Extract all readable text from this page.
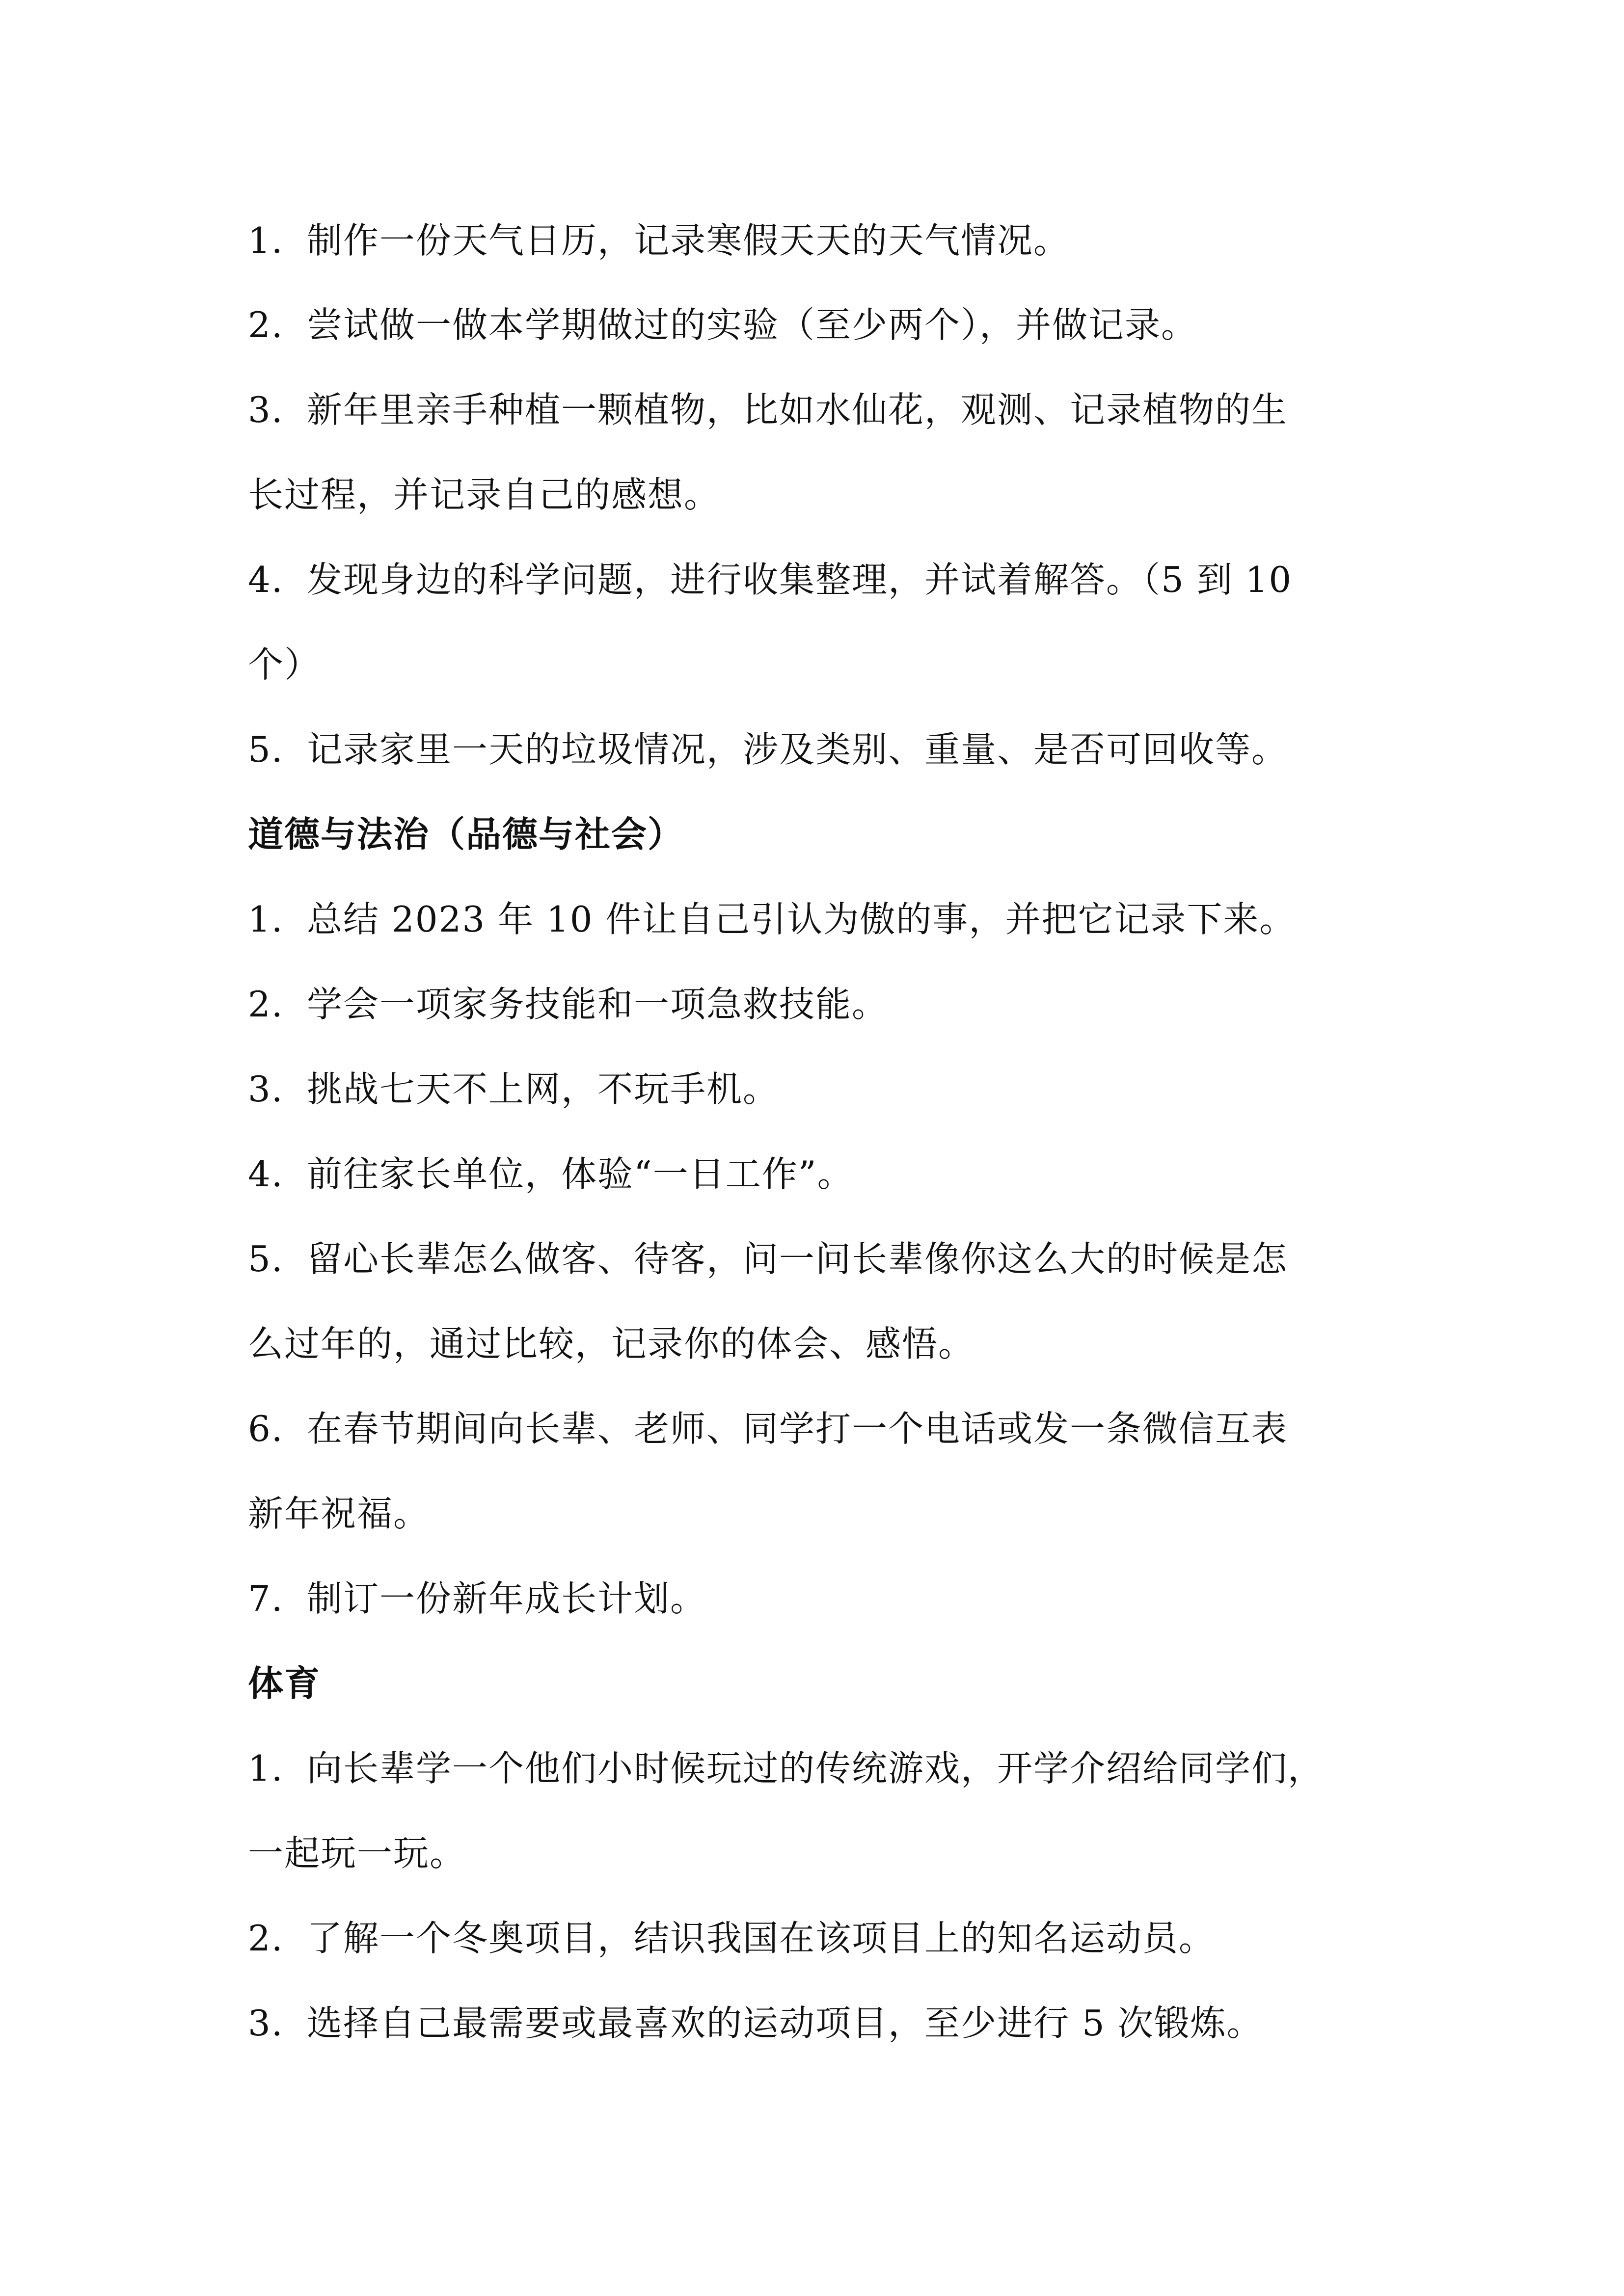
1. 制作一份天气日历，记录寒假天天的天气情况。
2. 尝试做一做本学期做过的实验（至少两个），并做记录。
3. 新年里亲手种植一颗植物，比如水仙花，观测、记录植物的生
长过程，并记录自己的感想。
4. 发现身边的科学问题，进行收集整理，并试着解答。（5 到 10
个）
5. 记录家里一天的垃圾情况，涉及类别、重量、是否可回收等。
道德与法治（品德与社会）
1. 总结 2023 年 10 件让自己引认为傲的事，并把它记录下来。
2. 学会一项家务技能和一项急救技能。
3. 挑战七天不上网，不玩手机。
4. 前往家长单位，体验“一日工作”。
5. 留心长辈怎么做客、待客，问一问长辈像你这么大的时候是怎
么过年的，通过比较，记录你的体会、感悟。
6. 在春节期间向长辈、老师、同学打一个电话或发一条微信互表
新年祝福。
7. 制订一份新年成长计划。
体育
1. 向长辈学一个他们小时候玩过的传统游戏，开学介绍给同学们，
一起玩一玩。
2. 了解一个冬奥项目，结识我国在该项目上的知名运动员。
3. 选择自己最需要或最喜欢的运动项目，至少进行 5 次锻炼。
